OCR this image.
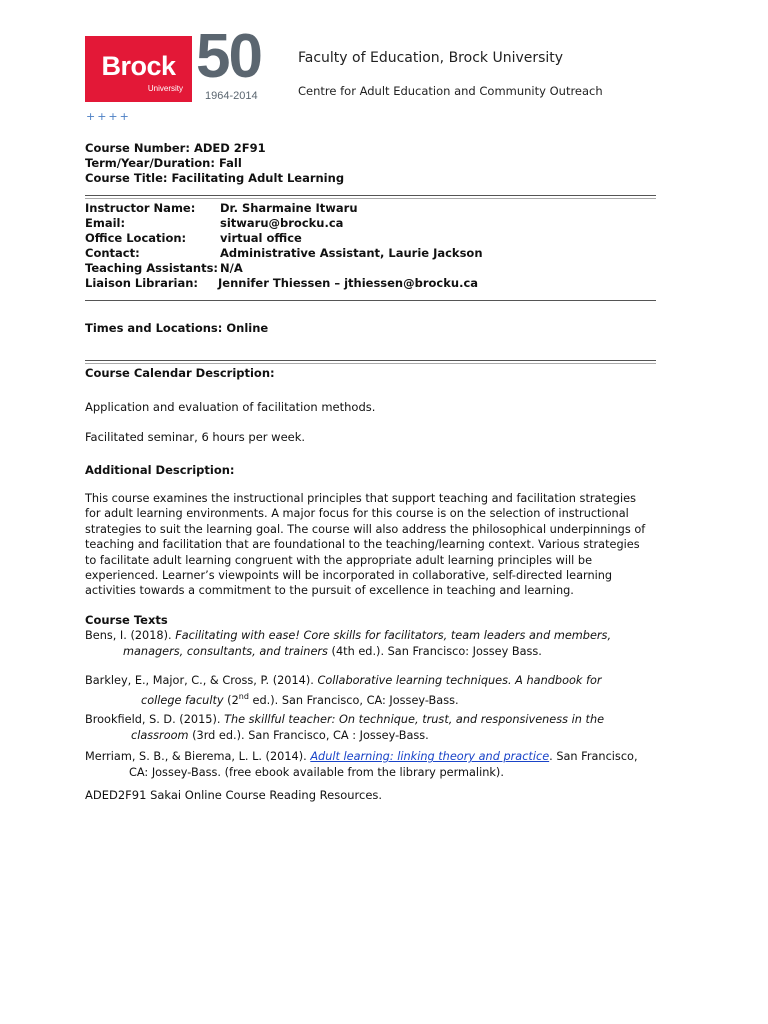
Brock
University 50
1964-2014
Faculty of Education, Brock University
Centre for Adult Education and Community Outreach
++++
Course Number: ADED 2F91
Term/Year/Duration: Fall
Course Title: Facilitating Adult Learning
Instructor Name: Dr. Sharmaine Itwaru
Email:	sitwaru@brocku.ca
Office Location:	virtual office
Contact:	Administrative Assistant, Laurie Jackson
Teaching Assistants: N/A
Liaison Librarian: Jennifer Thiessen – jthiessen@brocku.ca
Times and Locations: Online
Course Calendar Description:
Application and evaluation of facilitation methods.
Facilitated seminar, 6 hours per week.
Additional Description:
This course examines the instructional principles that support teaching and facilitation strategies
for adult learning environments. A major focus for this course is on the selection of instructional
strategies to suit the learning goal. The course will also address the philosophical underpinnings of
teaching and facilitation that are foundational to the teaching/learning context. Various strategies
to facilitate adult learning congruent with the appropriate adult learning principles will be
experienced. Learner’s viewpoints will be incorporated in collaborative, self-directed learning
activities towards a commitment to the pursuit of excellence in teaching and learning.
Course Texts
Bens, I. (2018). Facilitating with ease! Core skills for facilitators, team leaders and members,
managers, consultants, and trainers (4th ed.). San Francisco: Jossey Bass.
Barkley, E., Major, C., & Cross, P. (2014). Collaborative learning techniques. A handbook for
college faculty (2nd ed.). San Francisco, CA: Jossey-Bass.
Brookfield, S. D. (2015). The skillful teacher: On technique, trust, and responsiveness in the
classroom (3rd ed.). San Francisco, CA : Jossey-Bass.
Merriam, S. B., & Bierema, L. L. (2014). Adult learning: linking theory and practice. San Francisco,
CA: Jossey-Bass. (free ebook available from the library permalink).
ADED2F91 Sakai Online Course Reading Resources.
